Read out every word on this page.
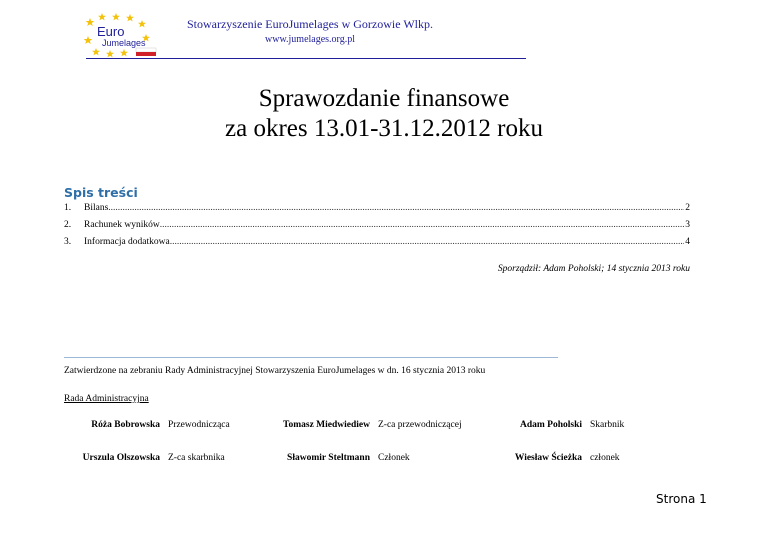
Euro
Jumelages
Stowarzyszenie EuroJumelages w Gorzowie Wlkp.
www.jumelages.org.pl
Sprawozdanie finansowe
za okres 13.01-31.12.2012 roku
Spis treści
1.	Bilans .....	2
2.	Rachunek wyników .....	3
3.	Informacja dodatkowa .....	4
Sporządził: Adam Poholski; 14 stycznia 2013 roku
Zatwierdzone na zebraniu Rady Administracyjnej Stowarzyszenia EuroJumelages w dn. 16 stycznia 2013 roku
Rada Administracyjna
Róża Bobrowska Przewodnicząca	Tomasz Miedwiediew Z-ca przewodniczącej	Adam Poholski Skarbnik
Urszula Olszowska Z-ca skarbnika	Sławomir Steltmann Członek	Wiesław Ścieżka członek
Strona 1
